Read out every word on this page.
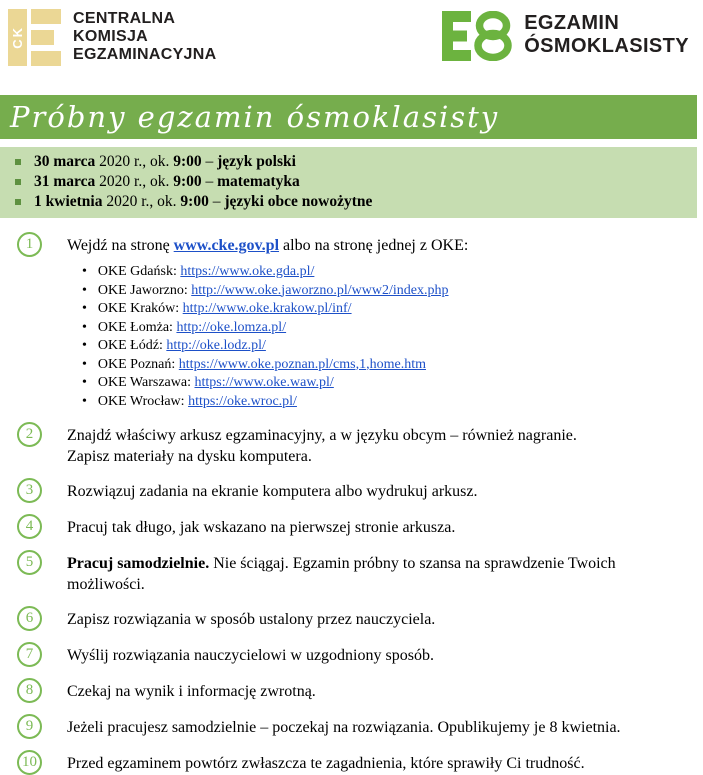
CK
CENTRALNA
KOMISJA
EGZAMINACYJNA
EGZAMIN
ÓSMOKLASISTY
Próbny egzamin ósmoklasisty
30 marca 2020 r., ok. 9:00 – język polski
31 marca 2020 r., ok. 9:00 – matematyka
1 kwietnia 2020 r., ok. 9:00 – języki obce nowożytne
1	Wejdź na stronę www.cke.gov.pl albo na stronę jednej z OKE:
• OKE Gdańsk: https://www.oke.gda.pl/
• OKE Jaworzno: http://www.oke.jaworzno.pl/www2/index.php
• OKE Kraków: http://www.oke.krakow.pl/inf/
• OKE Łomża: http://oke.lomza.pl/
• OKE Łódź: http://oke.lodz.pl/
• OKE Poznań: https://www.oke.poznan.pl/cms,1,home.htm
• OKE Warszawa: https://www.oke.waw.pl/
• OKE Wrocław: https://oke.wroc.pl/
2	Znajdź właściwy arkusz egzaminacyjny, a w języku obcym – również nagranie.
Zapisz materiały na dysku komputera.
3	Rozwiązuj zadania na ekranie komputera albo wydrukuj arkusz.
4	Pracuj tak długo, jak wskazano na pierwszej stronie arkusza.
5	Pracuj samodzielnie. Nie ściągaj. Egzamin próbny to szansa na sprawdzenie Twoich możliwości.
6	Zapisz rozwiązania w sposób ustalony przez nauczyciela.
7	Wyślij rozwiązania nauczycielowi w uzgodniony sposób.
8	Czekaj na wynik i informację zwrotną.
9	Jeżeli pracujesz samodzielnie – poczekaj na rozwiązania. Opublikujemy je 8 kwietnia.
10	Przed egzaminem powtórz zwłaszcza te zagadnienia, które sprawiły Ci trudność.
